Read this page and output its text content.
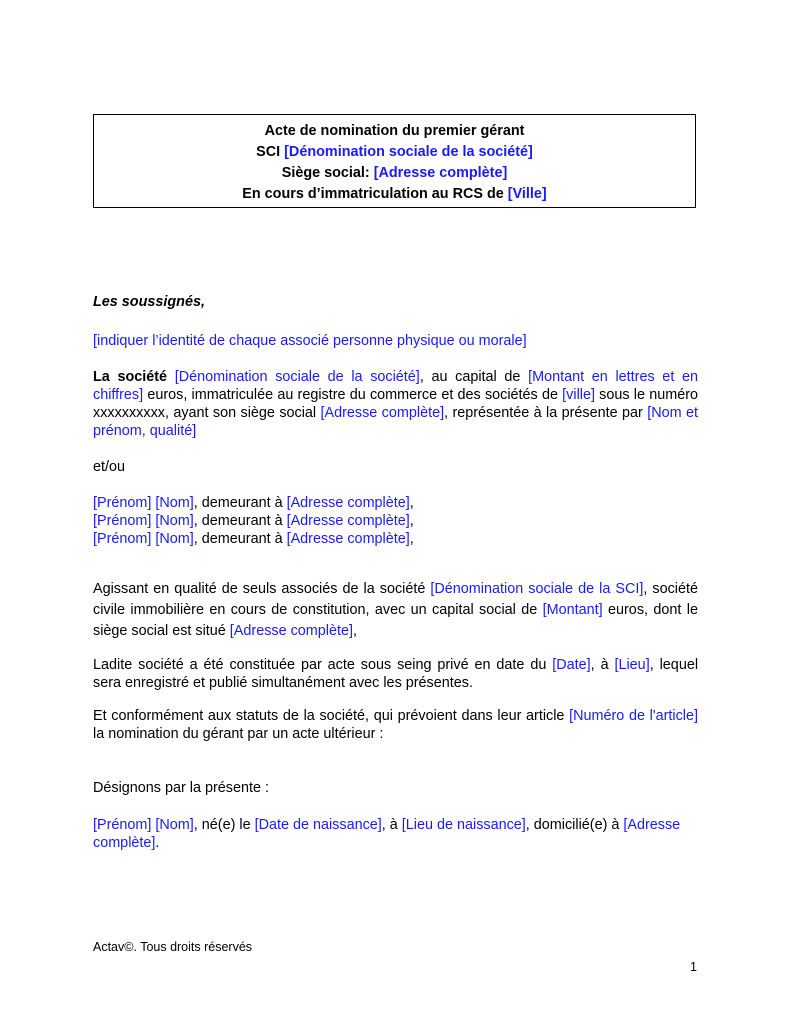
Acte de nomination du premier gérant
SCI [Dénomination sociale de la société]
Siège social: [Adresse complète]
En cours d’immatriculation au RCS de [Ville]
Les soussignés,
[indiquer l’identité de chaque associé personne physique ou morale]
La société [Dénomination sociale de la société], au capital de [Montant en lettres et en chiffres] euros, immatriculée au registre du commerce et des sociétés de [ville] sous le numéro xxxxxxxxxx, ayant son siège social [Adresse complète], représentée à la présente par [Nom et prénom, qualité]
et/ou
[Prénom] [Nom], demeurant à [Adresse complète],
[Prénom] [Nom], demeurant à [Adresse complète],
[Prénom] [Nom], demeurant à [Adresse complète],
Agissant en qualité de seuls associés de la société [Dénomination sociale de la SCI], société civile immobilière en cours de constitution, avec un capital social de [Montant] euros, dont le siège social est situé [Adresse complète],
Ladite société a été constituée par acte sous seing privé en date du [Date], à [Lieu], lequel sera enregistré et publié simultanément avec les présentes.
Et conformément aux statuts de la société, qui prévoient dans leur article [Numéro de l'article] la nomination du gérant par un acte ultérieur :
Désignons par la présente :
[Prénom] [Nom], né(e) le [Date de naissance], à [Lieu de naissance], domicilié(e) à [Adresse complète].
Actav©. Tous droits réservés
1
